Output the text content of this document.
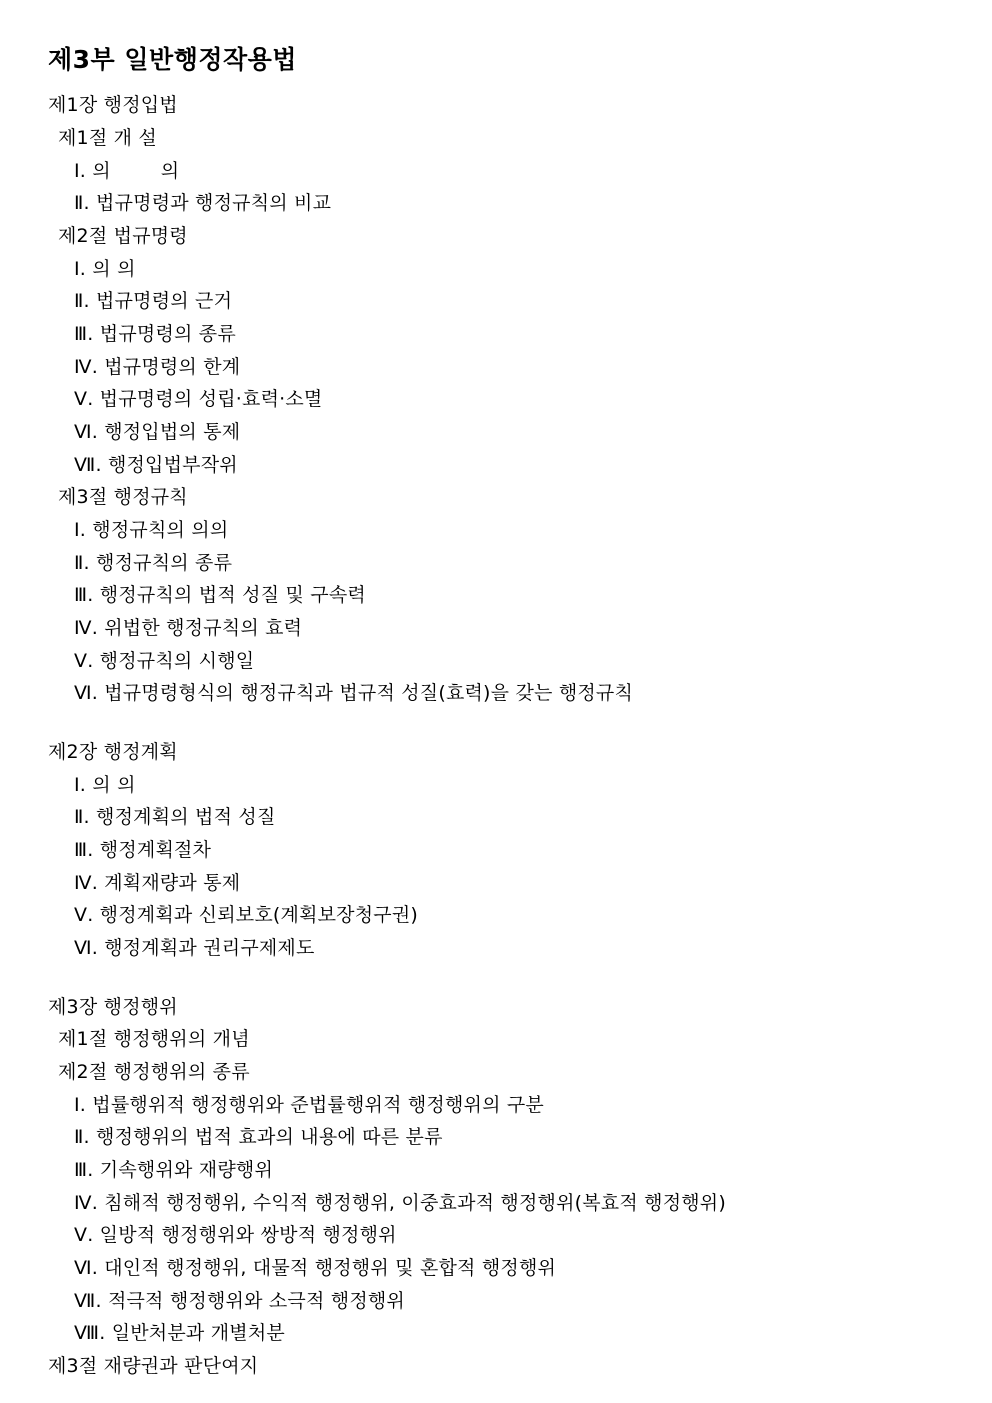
제3부 일반행정작용법
제1장 행정입법
제1절 개 설
Ⅰ. 의        의
Ⅱ. 법규명령과 행정규칙의 비교
제2절 법규명령
Ⅰ. 의 의
Ⅱ. 법규명령의 근거
Ⅲ. 법규명령의 종류
Ⅳ. 법규명령의 한계
Ⅴ. 법규명령의 성립·효력·소멸
Ⅵ. 행정입법의 통제
Ⅶ. 행정입법부작위
제3절 행정규칙
Ⅰ. 행정규칙의 의의
Ⅱ. 행정규칙의 종류
Ⅲ. 행정규칙의 법적 성질 및 구속력
Ⅳ. 위법한 행정규칙의 효력
Ⅴ. 행정규칙의 시행일
Ⅵ. 법규명령형식의 행정규칙과 법규적 성질(효력)을 갖는 행정규칙
제2장 행정계획
Ⅰ. 의 의
Ⅱ. 행정계획의 법적 성질
Ⅲ. 행정계획절차
Ⅳ. 계획재량과 통제
Ⅴ. 행정계획과 신뢰보호(계획보장청구권)
Ⅵ. 행정계획과 권리구제제도
제3장 행정행위
제1절 행정행위의 개념
제2절 행정행위의 종류
Ⅰ. 법률행위적 행정행위와 준법률행위적 행정행위의 구분
Ⅱ. 행정행위의 법적 효과의 내용에 따른 분류
Ⅲ. 기속행위와 재량행위
Ⅳ. 침해적 행정행위, 수익적 행정행위, 이중효과적 행정행위(복효적 행정행위)
Ⅴ. 일방적 행정행위와 쌍방적 행정행위
Ⅵ. 대인적 행정행위, 대물적 행정행위 및 혼합적 행정행위
Ⅶ. 적극적 행정행위와 소극적 행정행위
Ⅷ. 일반처분과 개별처분
제3절 재량권과 판단여지
